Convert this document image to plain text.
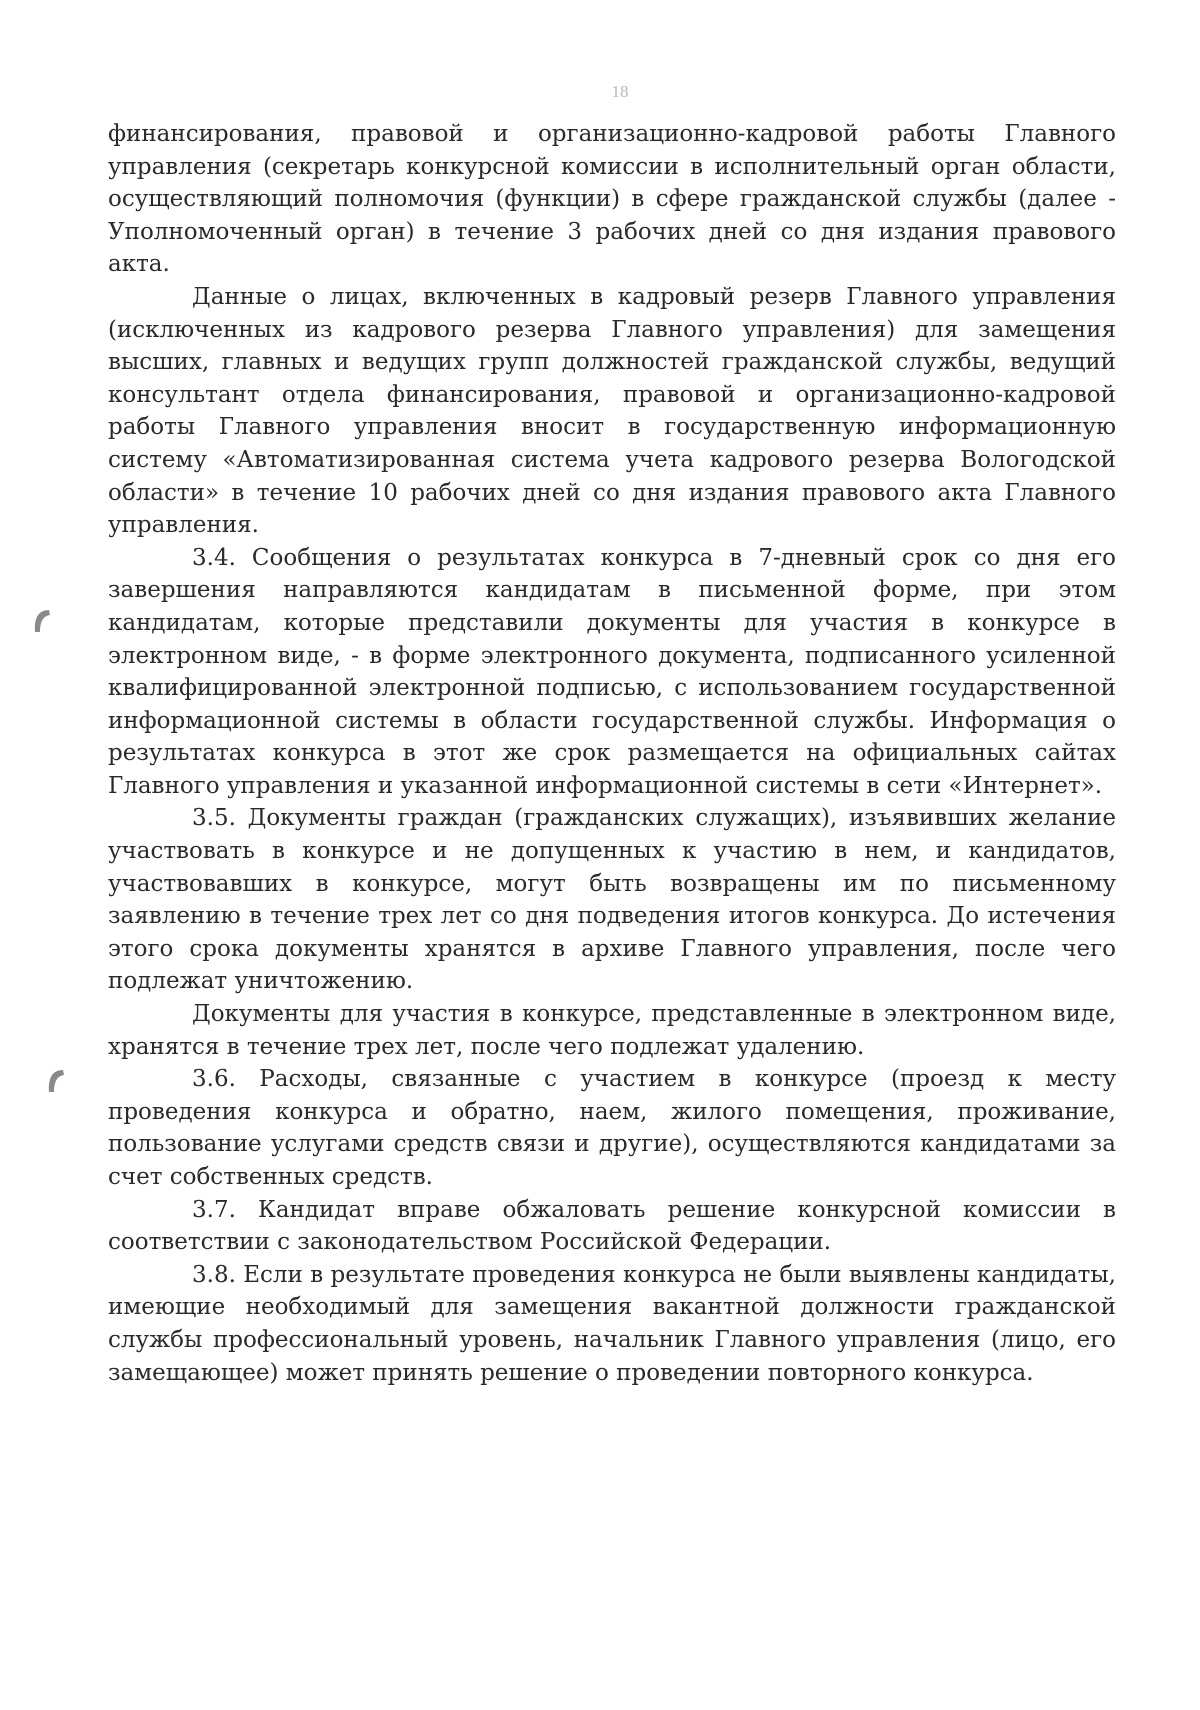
18

финансирования, правовой и организационно-кадровой работы Главного управления (секретарь конкурсной комиссии в исполнительный орган области, осуществляющий полномочия (функции) в сфере гражданской службы (далее - Уполномоченный орган) в течение 3 рабочих дней со дня издания правового акта.

Данные о лицах, включенных в кадровый резерв Главного управления (исключенных из кадрового резерва Главного управления) для замещения высших, главных и ведущих групп должностей гражданской службы, ведущий консультант отдела финансирования, правовой и организационно-кадровой работы Главного управления вносит в государственную информационную систему «Автоматизированная система учета кадрового резерва Вологодской области» в течение 10 рабочих дней со дня издания правового акта Главного управления.

3.4. Сообщения о результатах конкурса в 7-дневный срок со дня его завершения направляются кандидатам в письменной форме, при этом кандидатам, которые представили документы для участия в конкурсе в электронном виде, - в форме электронного документа, подписанного усиленной квалифицированной электронной подписью, с использованием государственной информационной системы в области государственной службы. Информация о результатах конкурса в этот же срок размещается на официальных сайтах Главного управления и указанной информационной системы в сети «Интернет».

3.5. Документы граждан (гражданских служащих), изъявивших желание участвовать в конкурсе и не допущенных к участию в нем, и кандидатов, участвовавших в конкурсе, могут быть возвращены им по письменному заявлению в течение трех лет со дня подведения итогов конкурса. До истечения этого срока документы хранятся в архиве Главного управления, после чего подлежат уничтожению.

Документы для участия в конкурсе, представленные в электронном виде, хранятся в течение трех лет, после чего подлежат удалению.

3.6. Расходы, связанные с участием в конкурсе (проезд к месту проведения конкурса и обратно, наем, жилого помещения, проживание, пользование услугами средств связи и другие), осуществляются кандидатами за счет собственных средств.

3.7. Кандидат вправе обжаловать решение конкурсной комиссии в соответствии с законодательством Российской Федерации.

3.8. Если в результате проведения конкурса не были выявлены кандидаты, имеющие необходимый для замещения вакантной должности гражданской службы профессиональный уровень, начальник Главного управления (лицо, его замещающее) может принять решение о проведении повторного конкурса.
